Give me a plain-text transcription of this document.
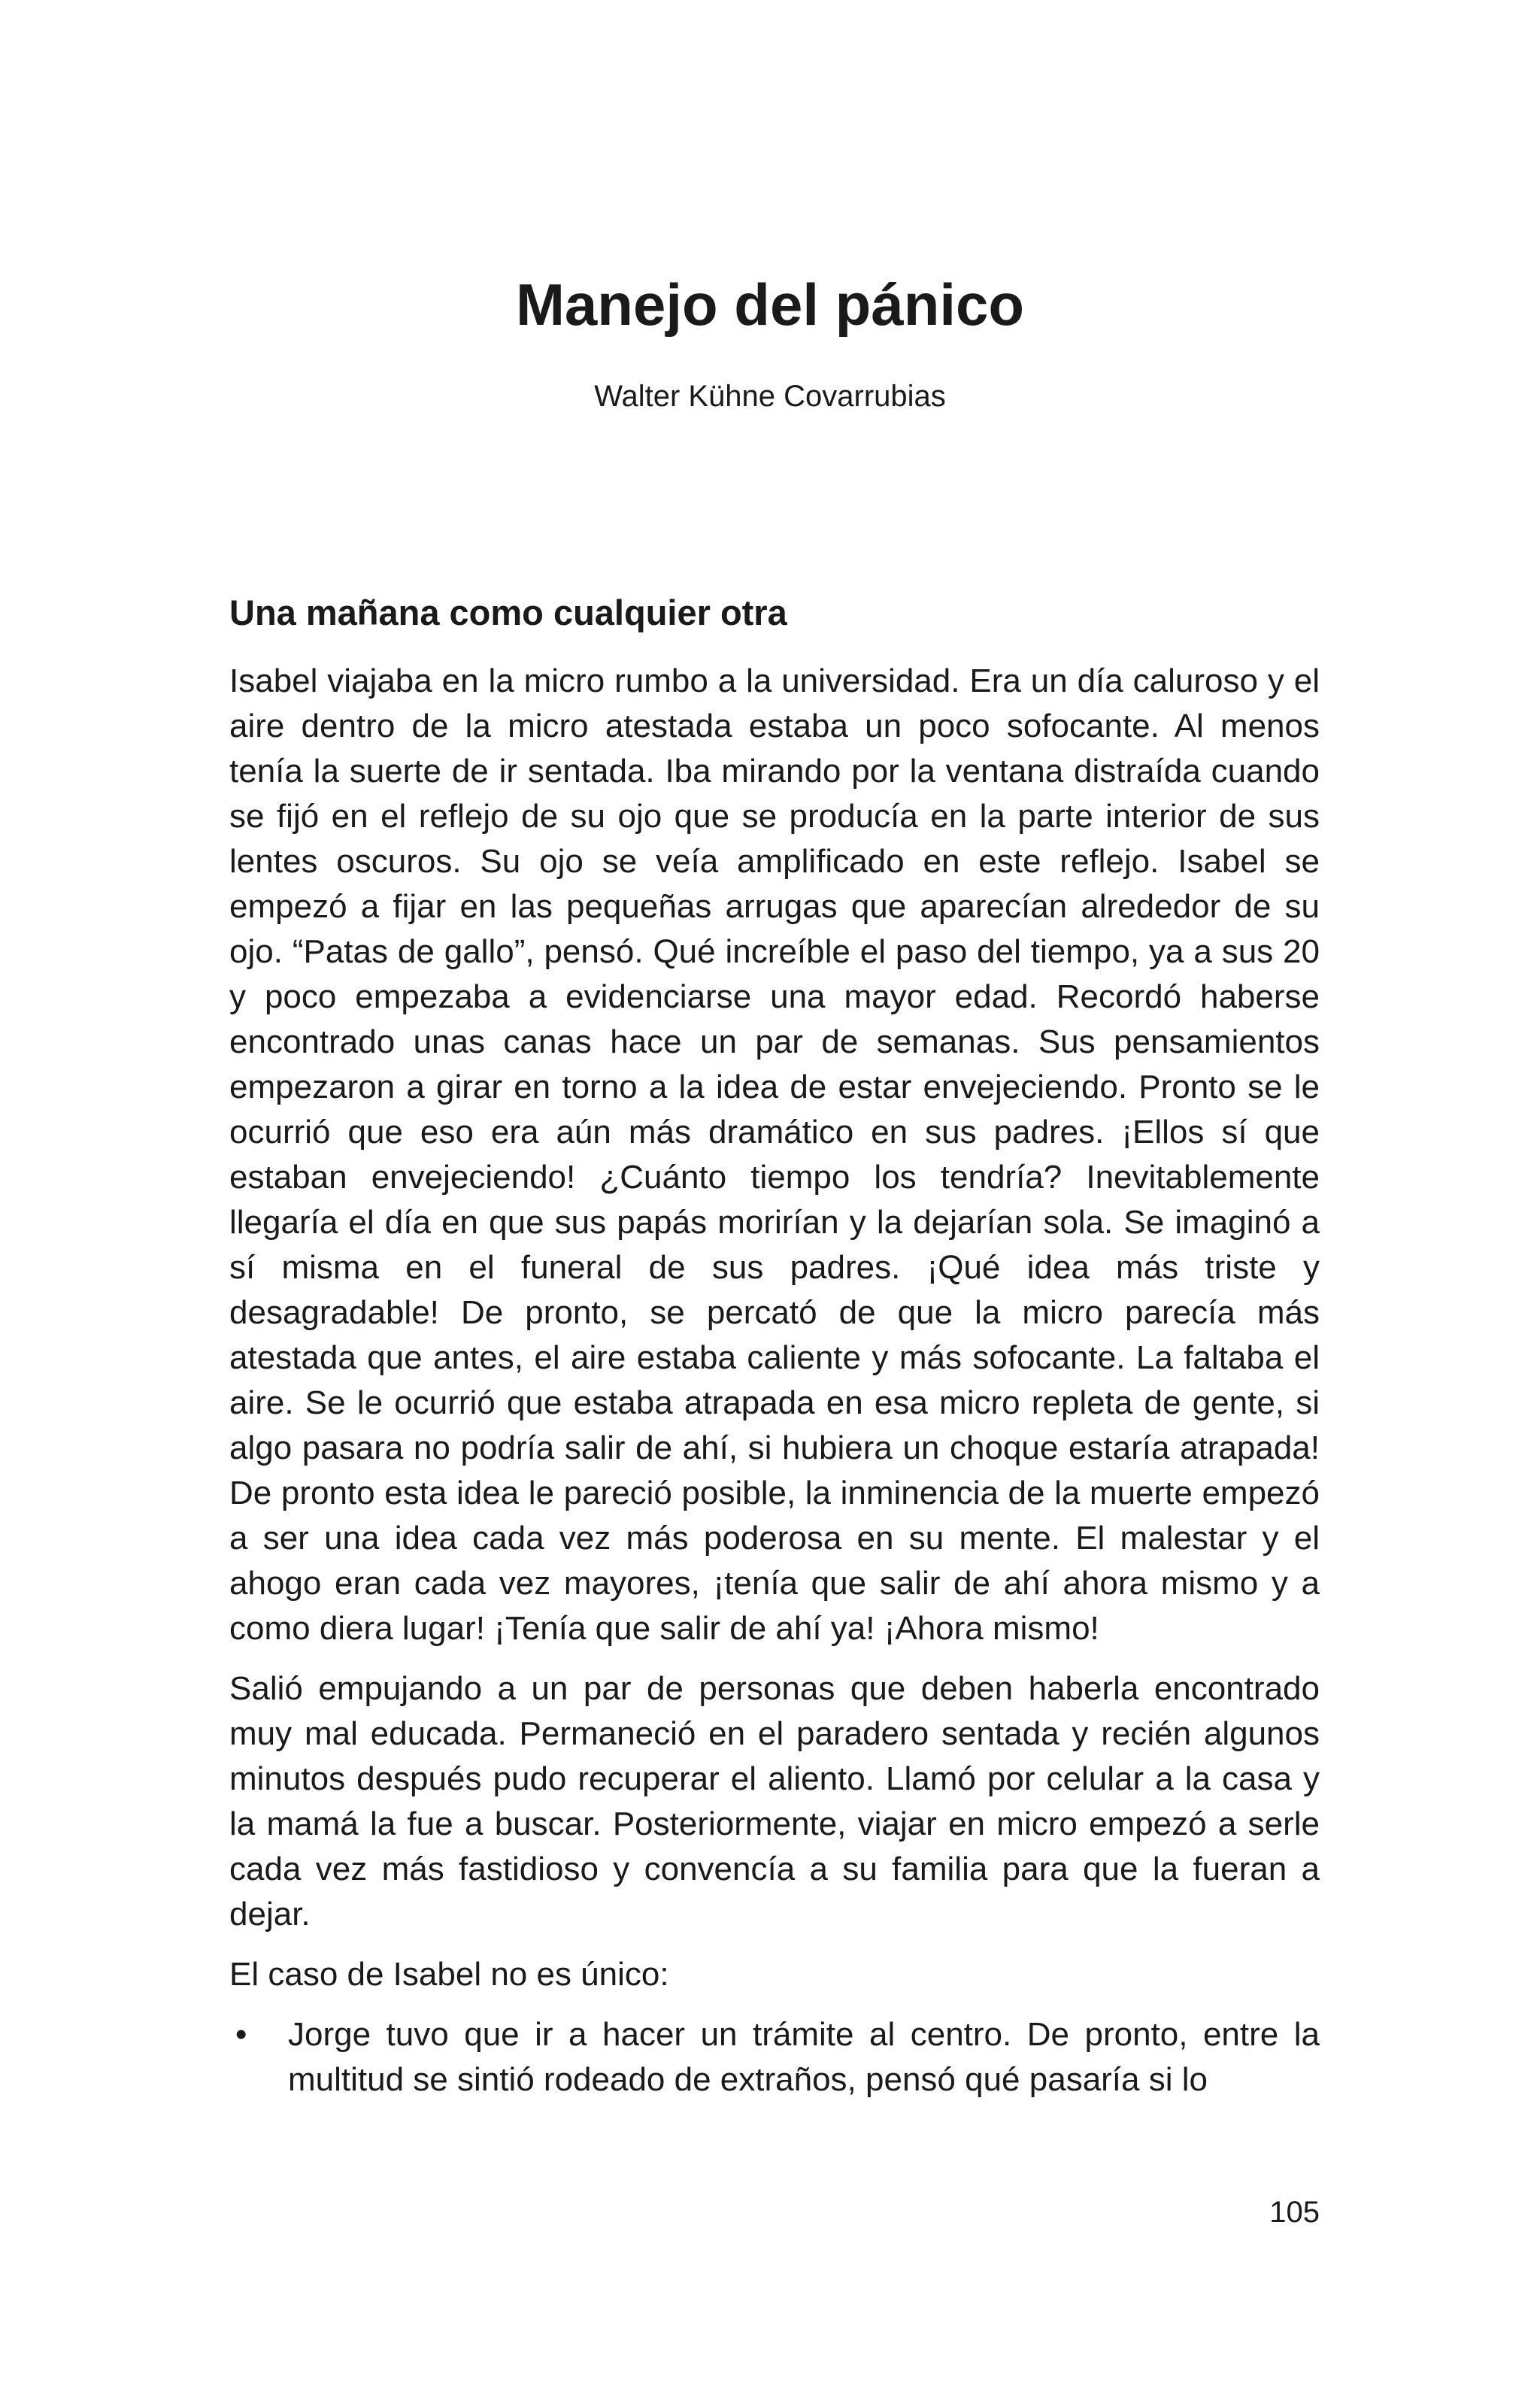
Manejo del pánico

Walter Kühne Covarrubias

Una mañana como cualquier otra

Isabel viajaba en la micro rumbo a la universidad. Era un día caluroso y el aire dentro de la micro atestada estaba un poco sofocante. Al menos tenía la suerte de ir sentada. Iba mirando por la ventana distraída cuando se fijó en el reflejo de su ojo que se producía en la parte interior de sus lentes oscuros. Su ojo se veía amplificado en este reflejo. Isabel se empezó a fijar en las pequeñas arrugas que aparecían alrededor de su ojo. “Patas de gallo”, pensó. Qué increíble el paso del tiempo, ya a sus 20 y poco empezaba a evidenciarse una mayor edad. Recordó haberse encontrado unas canas hace un par de semanas. Sus pensamientos empezaron a girar en torno a la idea de estar envejeciendo. Pronto se le ocurrió que eso era aún más dramático en sus padres. ¡Ellos sí que estaban envejeciendo! ¿Cuánto tiempo los tendría? Inevitablemente llegaría el día en que sus papás morirían y la dejarían sola. Se imaginó a sí misma en el funeral de sus padres. ¡Qué idea más triste y desagradable! De pronto, se percató de que la micro parecía más atestada que antes, el aire estaba caliente y más sofocante. La faltaba el aire. Se le ocurrió que estaba atrapada en esa micro repleta de gente, si algo pasara no podría salir de ahí, si hubiera un choque estaría atrapada! De pronto esta idea le pareció posible, la inminencia de la muerte empezó a ser una idea cada vez más poderosa en su mente. El malestar y el ahogo eran cada vez mayores, ¡tenía que salir de ahí ahora mismo y a como diera lugar! ¡Tenía que salir de ahí ya! ¡Ahora mismo!

Salió empujando a un par de personas que deben haberla encontrado muy mal educada. Permaneció en el paradero sentada y recién algunos minutos después pudo recuperar el aliento. Llamó por celular a la casa y la mamá la fue a buscar. Posteriormente, viajar en micro empezó a serle cada vez más fastidioso y convencía a su familia para que la fueran a dejar.

El caso de Isabel no es único:

• Jorge tuvo que ir a hacer un trámite al centro. De pronto, entre la multitud se sintió rodeado de extraños, pensó qué pasaría si lo

105
